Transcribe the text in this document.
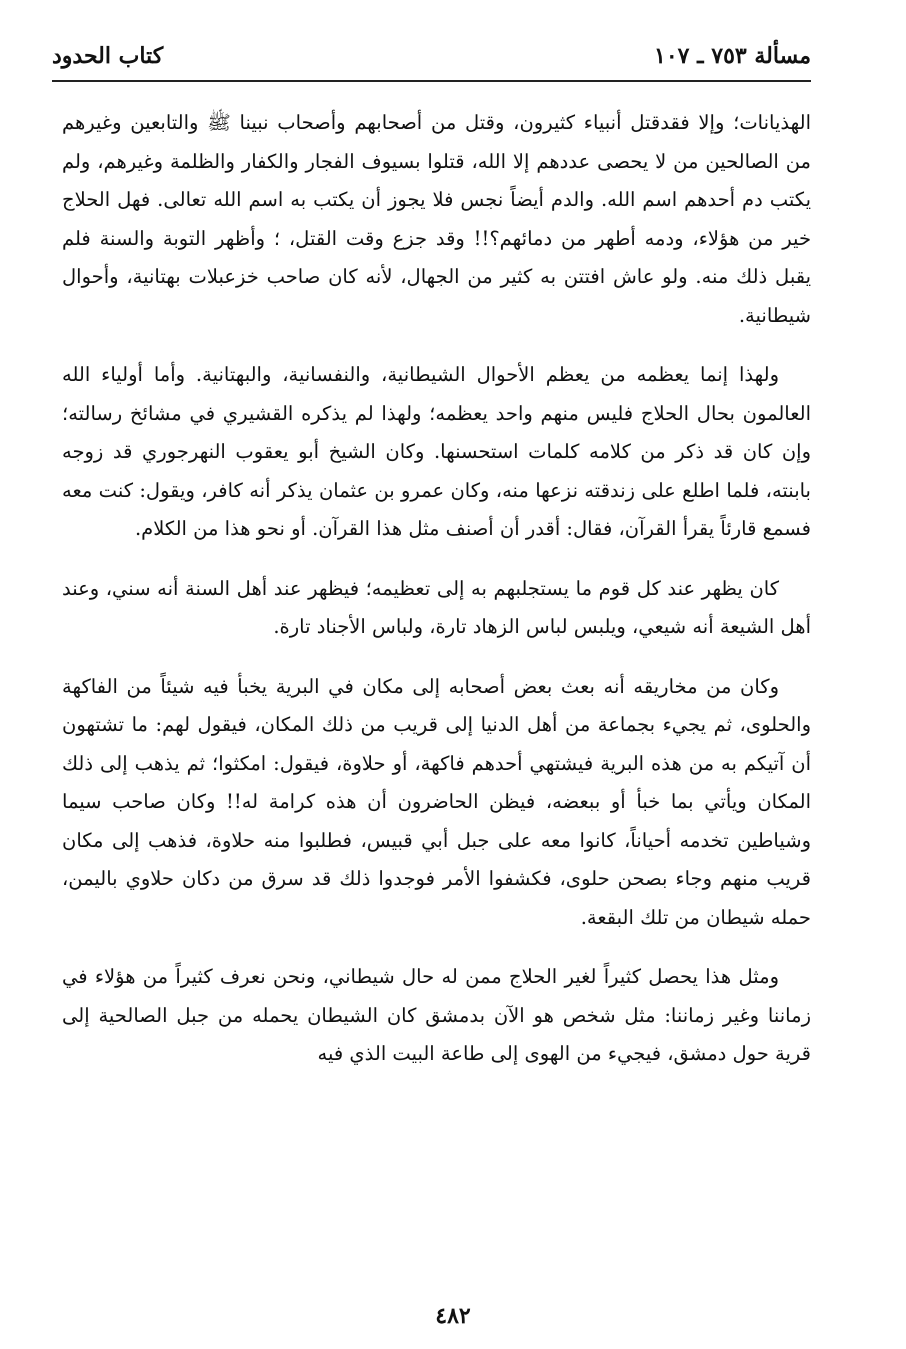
مسألة ٧٥٣ ـ ١٠٧
كتاب الحدود

الهذيانات؛ وإلا فقدقتل أنبياء كثيرون، وقتل من أصحابهم وأصحاب نبينا ﷺ والتابعين وغيرهم من الصالحين من لا يحصى عددهم إلا الله، قتلوا بسيوف الفجار والكفار والظلمة وغيرهم، ولم يكتب دم أحدهم اسم الله. والدم أيضاً نجس فلا يجوز أن يكتب به اسم الله تعالى. فهل الحلاج خير من هؤلاء، ودمه أطهر من دمائهم؟!! وقد جزع وقت القتل، ؛ وأظهر التوبة والسنة فلم يقبل ذلك منه. ولو عاش افتتن به كثير من الجهال، لأنه كان صاحب خزعبلات بهتانية، وأحوال شيطانية.

ولهذا إنما يعظمه من يعظم الأحوال الشيطانية، والنفسانية، والبهتانية. وأما أولياء الله العالمون بحال الحلاج فليس منهم واحد يعظمه؛ ولهذا لم يذكره القشيري في مشائخ رسالته؛ وإن كان قد ذكر من كلامه كلمات استحسنها. وكان الشيخ أبو يعقوب النهرجوري قد زوجه بابنته، فلما اطلع على زندقته نزعها منه، وكان عمرو بن عثمان يذكر أنه كافر، ويقول: كنت معه فسمع قارئاً يقرأ القرآن، فقال: أقدر أن أصنف مثل هذا القرآن. أو نحو هذا من الكلام.

كان يظهر عند كل قوم ما يستجلبهم به إلى تعظيمه؛ فيظهر عند أهل السنة أنه سني، وعند أهل الشيعة أنه شيعي، ويلبس لباس الزهاد تارة، ولباس الأجناد تارة.

وكان من مخاريقه أنه بعث بعض أصحابه إلى مكان في البرية يخبأ فيه شيئاً من الفاكهة والحلوى، ثم يجيء بجماعة من أهل الدنيا إلى قريب من ذلك المكان، فيقول لهم: ما تشتهون أن آتيكم به من هذه البرية فيشتهي أحدهم فاكهة، أو حلاوة، فيقول: امكثوا؛ ثم يذهب إلى ذلك المكان ويأتي بما خبأ أو ببعضه، فيظن الحاضرون أن هذه كرامة له!! وكان صاحب سيما وشياطين تخدمه أحياناً، كانوا معه على جبل أبي قبيس، فطلبوا منه حلاوة، فذهب إلى مكان قريب منهم وجاء بصحن حلوى، فكشفوا الأمر فوجدوا ذلك قد سرق من دكان حلاوي باليمن، حمله شيطان من تلك البقعة.

ومثل هذا يحصل كثيراً لغير الحلاج ممن له حال شيطاني، ونحن نعرف كثيراً من هؤلاء في زماننا وغير زماننا: مثل شخص هو الآن بدمشق كان الشيطان يحمله من جبل الصالحية إلى قرية حول دمشق، فيجيء من الهوى إلى طاعة البيت الذي فيه

٤٨٢
